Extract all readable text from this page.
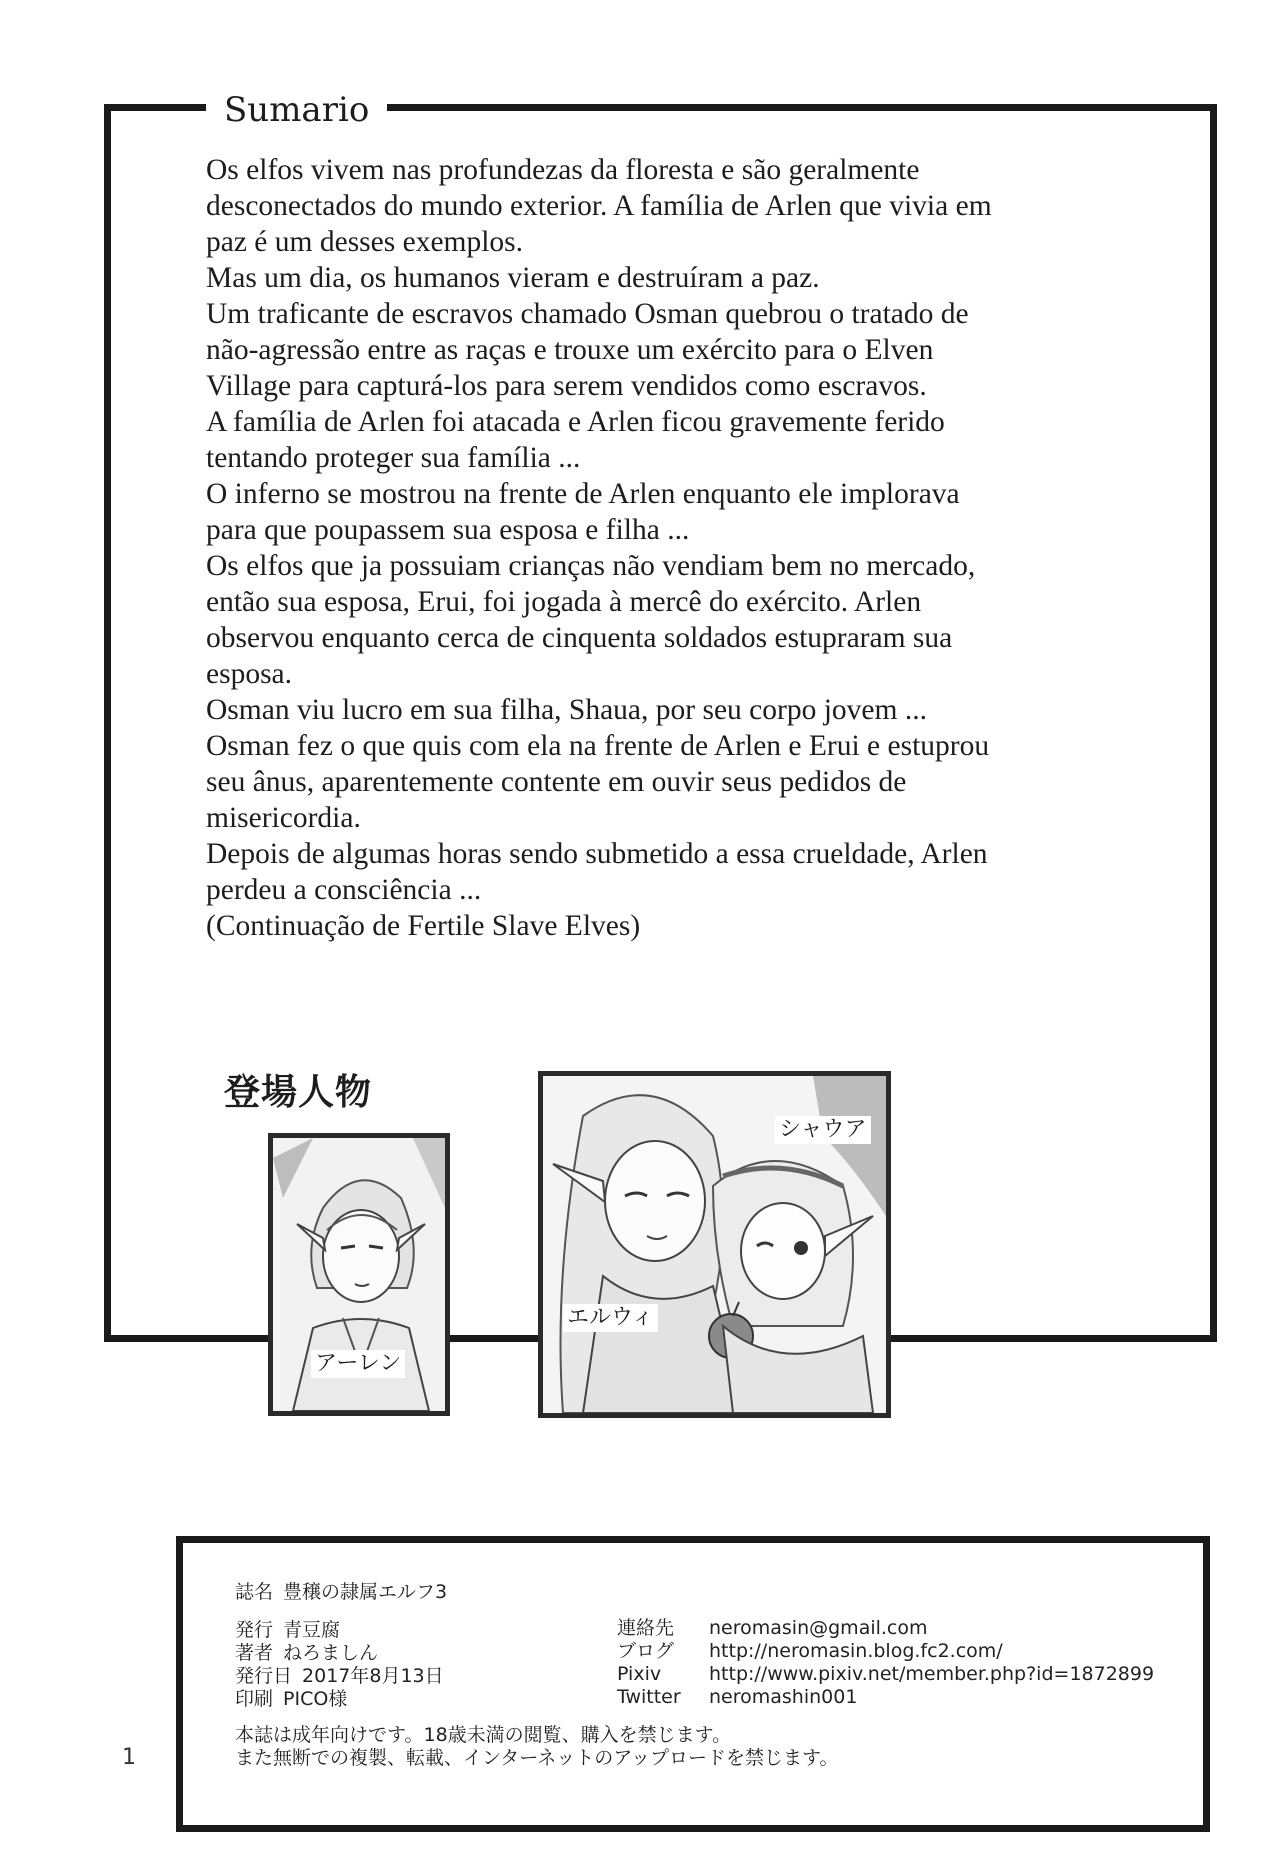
Sumario

Os elfos vivem nas profundezas da floresta e são geralmente

desconectados do mundo exterior. A família de Arlen que vivia em

paz é um desses exemplos.

Mas um dia, os humanos vieram e destruíram a paz.

Um traficante de escravos chamado Osman quebrou o tratado de

não-agressão entre as raças e trouxe um exército para o Elven

Village para capturá-los para serem vendidos como escravos.

A família de Arlen foi atacada e Arlen ficou gravemente ferido

tentando proteger sua família ...

O inferno se mostrou na frente de Arlen enquanto ele implorava

para que poupassem sua esposa e filha ...

Os elfos que ja possuiam crianças não vendiam bem no mercado,

então sua esposa, Erui, foi jogada à mercê do exército. Arlen

observou enquanto cerca de cinquenta soldados estupraram sua

esposa.

Osman viu lucro em sua filha, Shaua, por seu corpo jovem ...

Osman fez o que quis com ela na frente de Arlen e Erui e estuprou

seu ânus, aparentemente contente em ouvir seus pedidos de

misericordia.

Depois de algumas horas sendo submetido a essa crueldade, Arlen

perdeu a consciência ...

(Continuação de Fertile Slave Elves)

登場人物
アーレン
エルウィ
シャウア
誌名 豊穣の隷属エルフ3
発行 青豆腐
著者 ねろましん
発行日 2017年8月13日
印刷 PICO様
連絡先 neromasin@gmail.com
ブログ http://neromasin.blog.fc2.com/
Pixiv	http://www.pixiv.net/member.php?id=1872899
Twitter neromashin001
本誌は成年向けです。18歳未満の閲覧、購入を禁じます。
また無断での複製、転載、インターネットのアップロードを禁じます。
1
